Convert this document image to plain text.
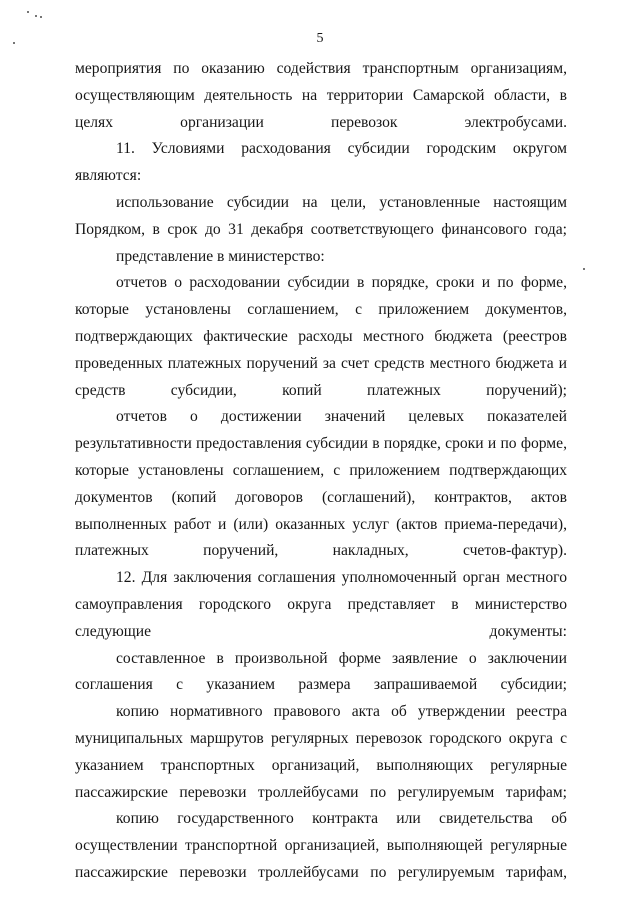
5

мероприятия по оказанию содействия транспортным организациям, осуществляющим деятельность на территории Самарской области, в целях организации перевозок электробусами.

11. Условиями расходования субсидии городским округом являются:

использование субсидии на цели, установленные настоящим Порядком, в срок до 31 декабря соответствующего финансового года;

представление в министерство:

отчетов о расходовании субсидии в порядке, сроки и по форме, которые установлены соглашением, с приложением документов, подтверждающих фактические расходы местного бюджета (реестров проведенных платежных поручений за счет средств местного бюджета и средств субсидии, копий платежных поручений);

отчетов о достижении значений целевых показателей результативности предоставления субсидии в порядке, сроки и по форме, которые установлены соглашением, с приложением подтверждающих документов (копий договоров (соглашений), контрактов, актов выполненных работ и (или) оказанных услуг (актов приема-передачи), платежных поручений, накладных, счетов-фактур).

12. Для заключения соглашения уполномоченный орган местного самоуправления городского округа представляет в министерство следующие документы:

составленное в произвольной форме заявление о заключении соглашения с указанием размера запрашиваемой субсидии;

копию нормативного правового акта об утверждении реестра муниципальных маршрутов регулярных перевозок городского округа с указанием транспортных организаций, выполняющих регулярные пассажирские перевозки троллейбусами по регулируемым тарифам;

копию государственного контракта или свидетельства об осуществлении транспортной организацией, выполняющей регулярные пассажирские перевозки троллейбусами по регулируемым тарифам,
